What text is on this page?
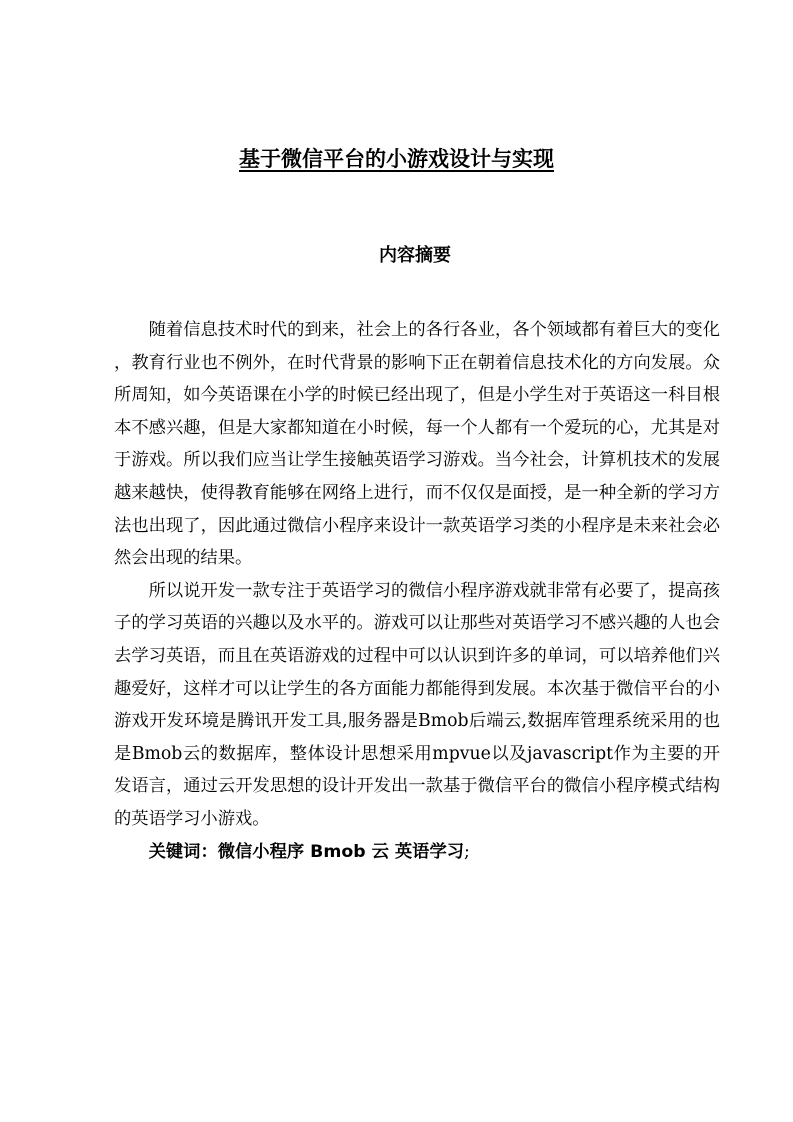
基于微信平台的小游戏设计与实现
内容摘要

随着信息技术时代的到来，社会上的各行各业，各个领域都有着巨大的变化，教育行业也不例外，在时代背景的影响下正在朝着信息技术化的方向发展。众所周知，如今英语课在小学的时候已经出现了，但是小学生对于英语这一科目根本不感兴趣，但是大家都知道在小时候，每一个人都有一个爱玩的心，尤其是对于游戏。所以我们应当让学生接触英语学习游戏。当今社会，计算机技术的发展越来越快，使得教育能够在网络上进行，而不仅仅是面授，是一种全新的学习方法也出现了，因此通过微信小程序来设计一款英语学习类的小程序是未来社会必然会出现的结果。

所以说开发一款专注于英语学习的微信小程序游戏就非常有必要了，提高孩子的学习英语的兴趣以及水平的。游戏可以让那些对英语学习不感兴趣的人也会去学习英语，而且在英语游戏的过程中可以认识到许多的单词，可以培养他们兴趣爱好，这样才可以让学生的各方面能力都能得到发展。本次基于微信平台的小游戏开发环境是腾讯开发工具,服务器是Bmob后端云,数据库管理系统采用的也是Bmob云的数据库，整体设计思想采用mpvue以及javascript作为主要的开发语言，通过云开发思想的设计开发出一款基于微信平台的微信小程序模式结构的英语学习小游戏。

关键词：微信小程序 Bmob 云 英语学习;
